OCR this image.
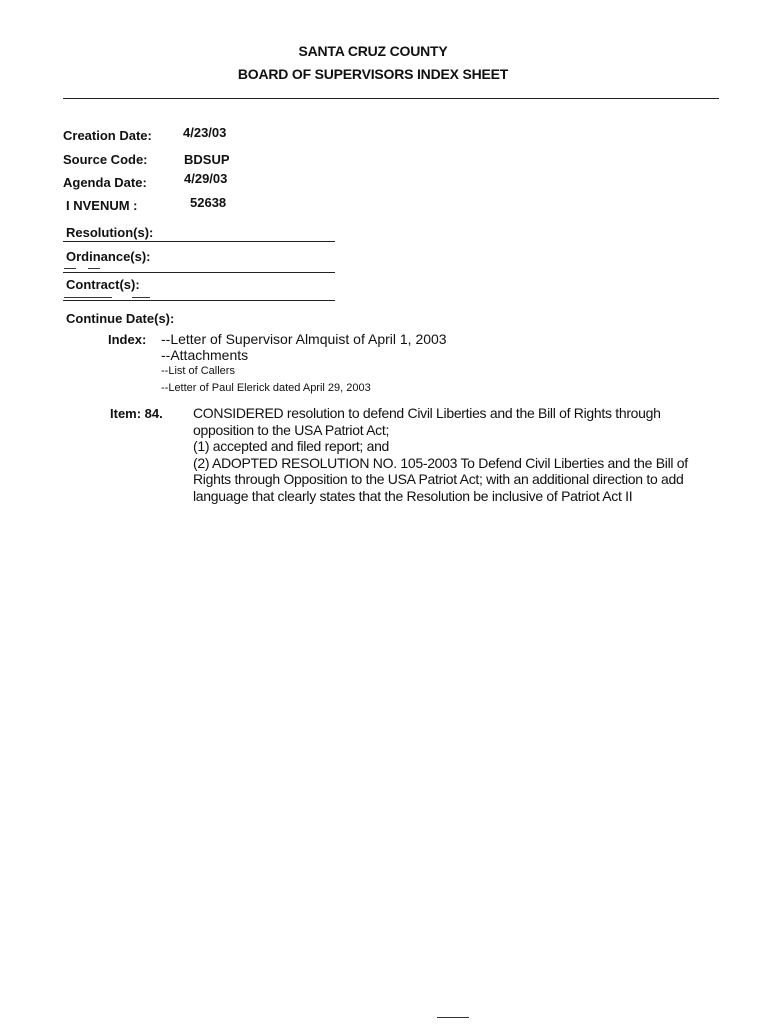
SANTA CRUZ COUNTY
BOARD OF SUPERVISORS INDEX SHEET
Creation Date: 4/23/03
Source Code:	BDSUP
Agenda Date:	4/29/03
I NVENUM :	52638
Resolution(s):
Ordinance(s):
Contract(s):
Continue Date(s):
Index: --Letter of Supervisor Almquist of April 1, 2003
--Attachments
--List of Callers
--Letter of Paul Elerick dated April 29, 2003
Item: 84. CONSIDERED resolution to defend Civil Liberties and the Bill of Rights through opposition to the USA Patriot Act;

(1) accepted and filed report; and

(2) ADOPTED RESOLUTION NO. 105-2003 To Defend Civil Liberties and the Bill of Rights through Opposition to the USA Patriot Act; with an additional direction to add language that clearly states that the Resolution be inclusive of Patriot Act II
